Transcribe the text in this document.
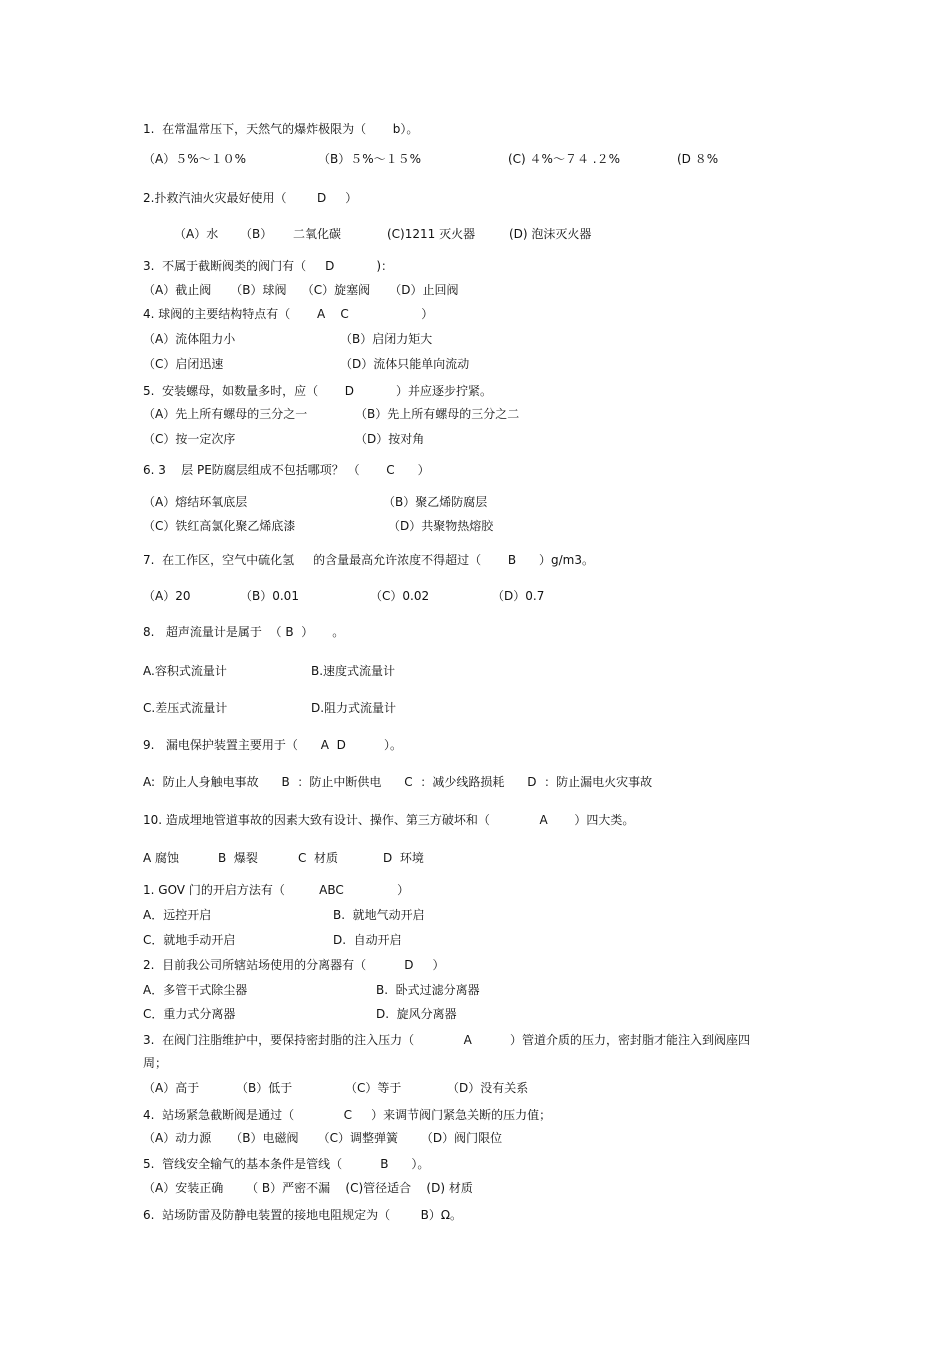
1.  在常温常压下，天然气的爆炸极限为（       b）。
（A）５%～１０%	（B）５%～１５%	(C) ４%～７４ .２%	(D ８%
2.扑救汽油火灾最好使用（        D     ）
（A）水 （B） 二氧化碳	(C)1211 灭火器	(D) 泡沫灭火器
3.  不属于截断阀类的阀门有（     D           )：
（A）截止阀     （B）球阀    （C）旋塞阀     （D）止回阀
4. 球阀的主要结构特点有（       A    C                   ）
（A）流体阻力小	（B）启闭力矩大
（C）启闭迅速	（D）流体只能单向流动
5.  安装螺母，如数量多时，应（       D           ）并应逐步拧紧。
（A）先上所有螺母的三分之一	（B）先上所有螺母的三分之二
（C）按一定次序	（D）按对角
6. 3    层 PE防腐层组成不包括哪项？ （       C      ）
（A）熔结环氧底层	（B）聚乙烯防腐层
（C）铁红高氯化聚乙烯底漆	（D）共聚物热熔胶
7.  在工作区，空气中硫化氢     的含量最高允许浓度不得超过（       B      ）g/m3。
（A）20	（B）0.01	（C）0.02	（D）0.7
8.   超声流量计是属于  （ B  ）     。
A.容积式流量计	B.速度式流量计
C.差压式流量计	D.阻力式流量计
9.   漏电保护装置主要用于（      A  D          ）。
A:  防止人身触电事故      B  ：防止中断供电      C  ：减少线路损耗      D  ：防止漏电火灾事故
10. 造成埋地管道事故的因素大致有设计、操作、第三方破坏和（             A       ）四大类。
A 腐蚀	B  爆裂	C  材质	D  环境
1. GOV 门的开启方法有（         ABC              ）
A．远控开启	B.  就地气动开启
C．就地手动开启	D.  自动开启
2.  目前我公司所辖站场使用的分离器有（          D     ）
A．多管干式除尘器	B.  卧式过滤分离器
C．重力式分离器	D.  旋风分离器
3.  在阀门注脂维护中，要保持密封脂的注入压力（             A          ）管道介质的压力，密封脂才能注入到阀座四
周；
（A）高于	（B）低于	（C）等于	（D）没有关系
4.  站场紧急截断阀是通过（             C     ）来调节阀门紧急关断的压力值；
（A）动力源     （B）电磁阀     （C）调整弹簧      （D）阀门限位
5.  管线安全输气的基本条件是管线（          B      ）。
（A）安装正确      （ B）严密不漏    (C)管径适合    (D) 材质
6.  站场防雷及防静电装置的接地电阻规定为（        B）Ω。
